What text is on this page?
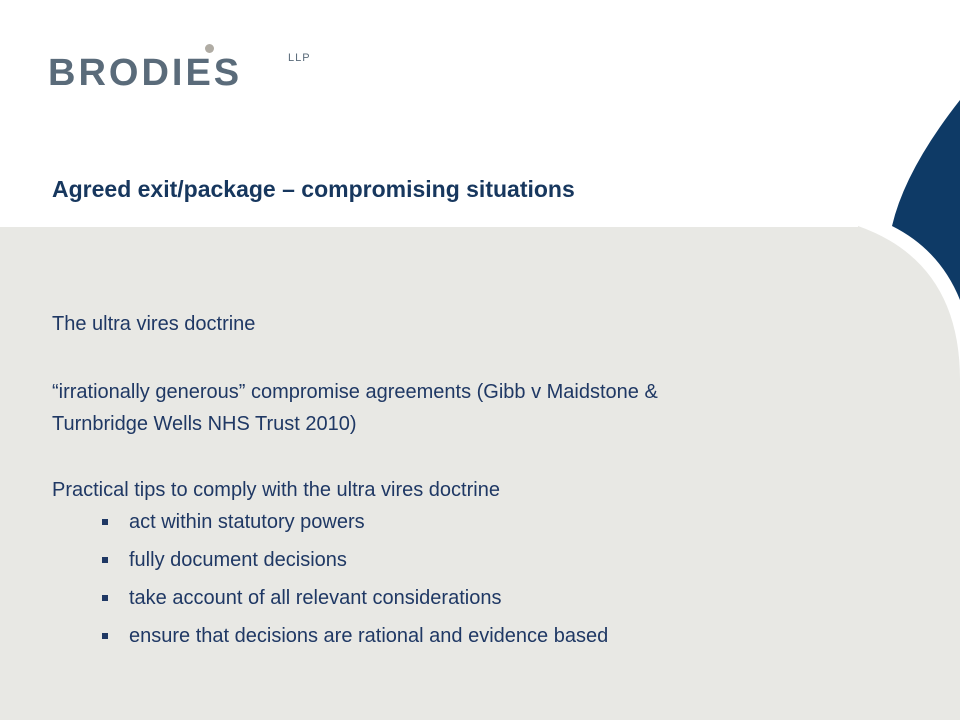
BRODIES	LLP
Agreed exit/package – compromising situations

The ultra vires doctrine

“irrationally generous” compromise agreements (Gibb v Maidstone &

Turnbridge Wells NHS Trust 2010)

Practical tips to comply with the ultra vires doctrine

act within statutory powers
fully document decisions
take account of all relevant considerations
ensure that decisions are rational and evidence based
